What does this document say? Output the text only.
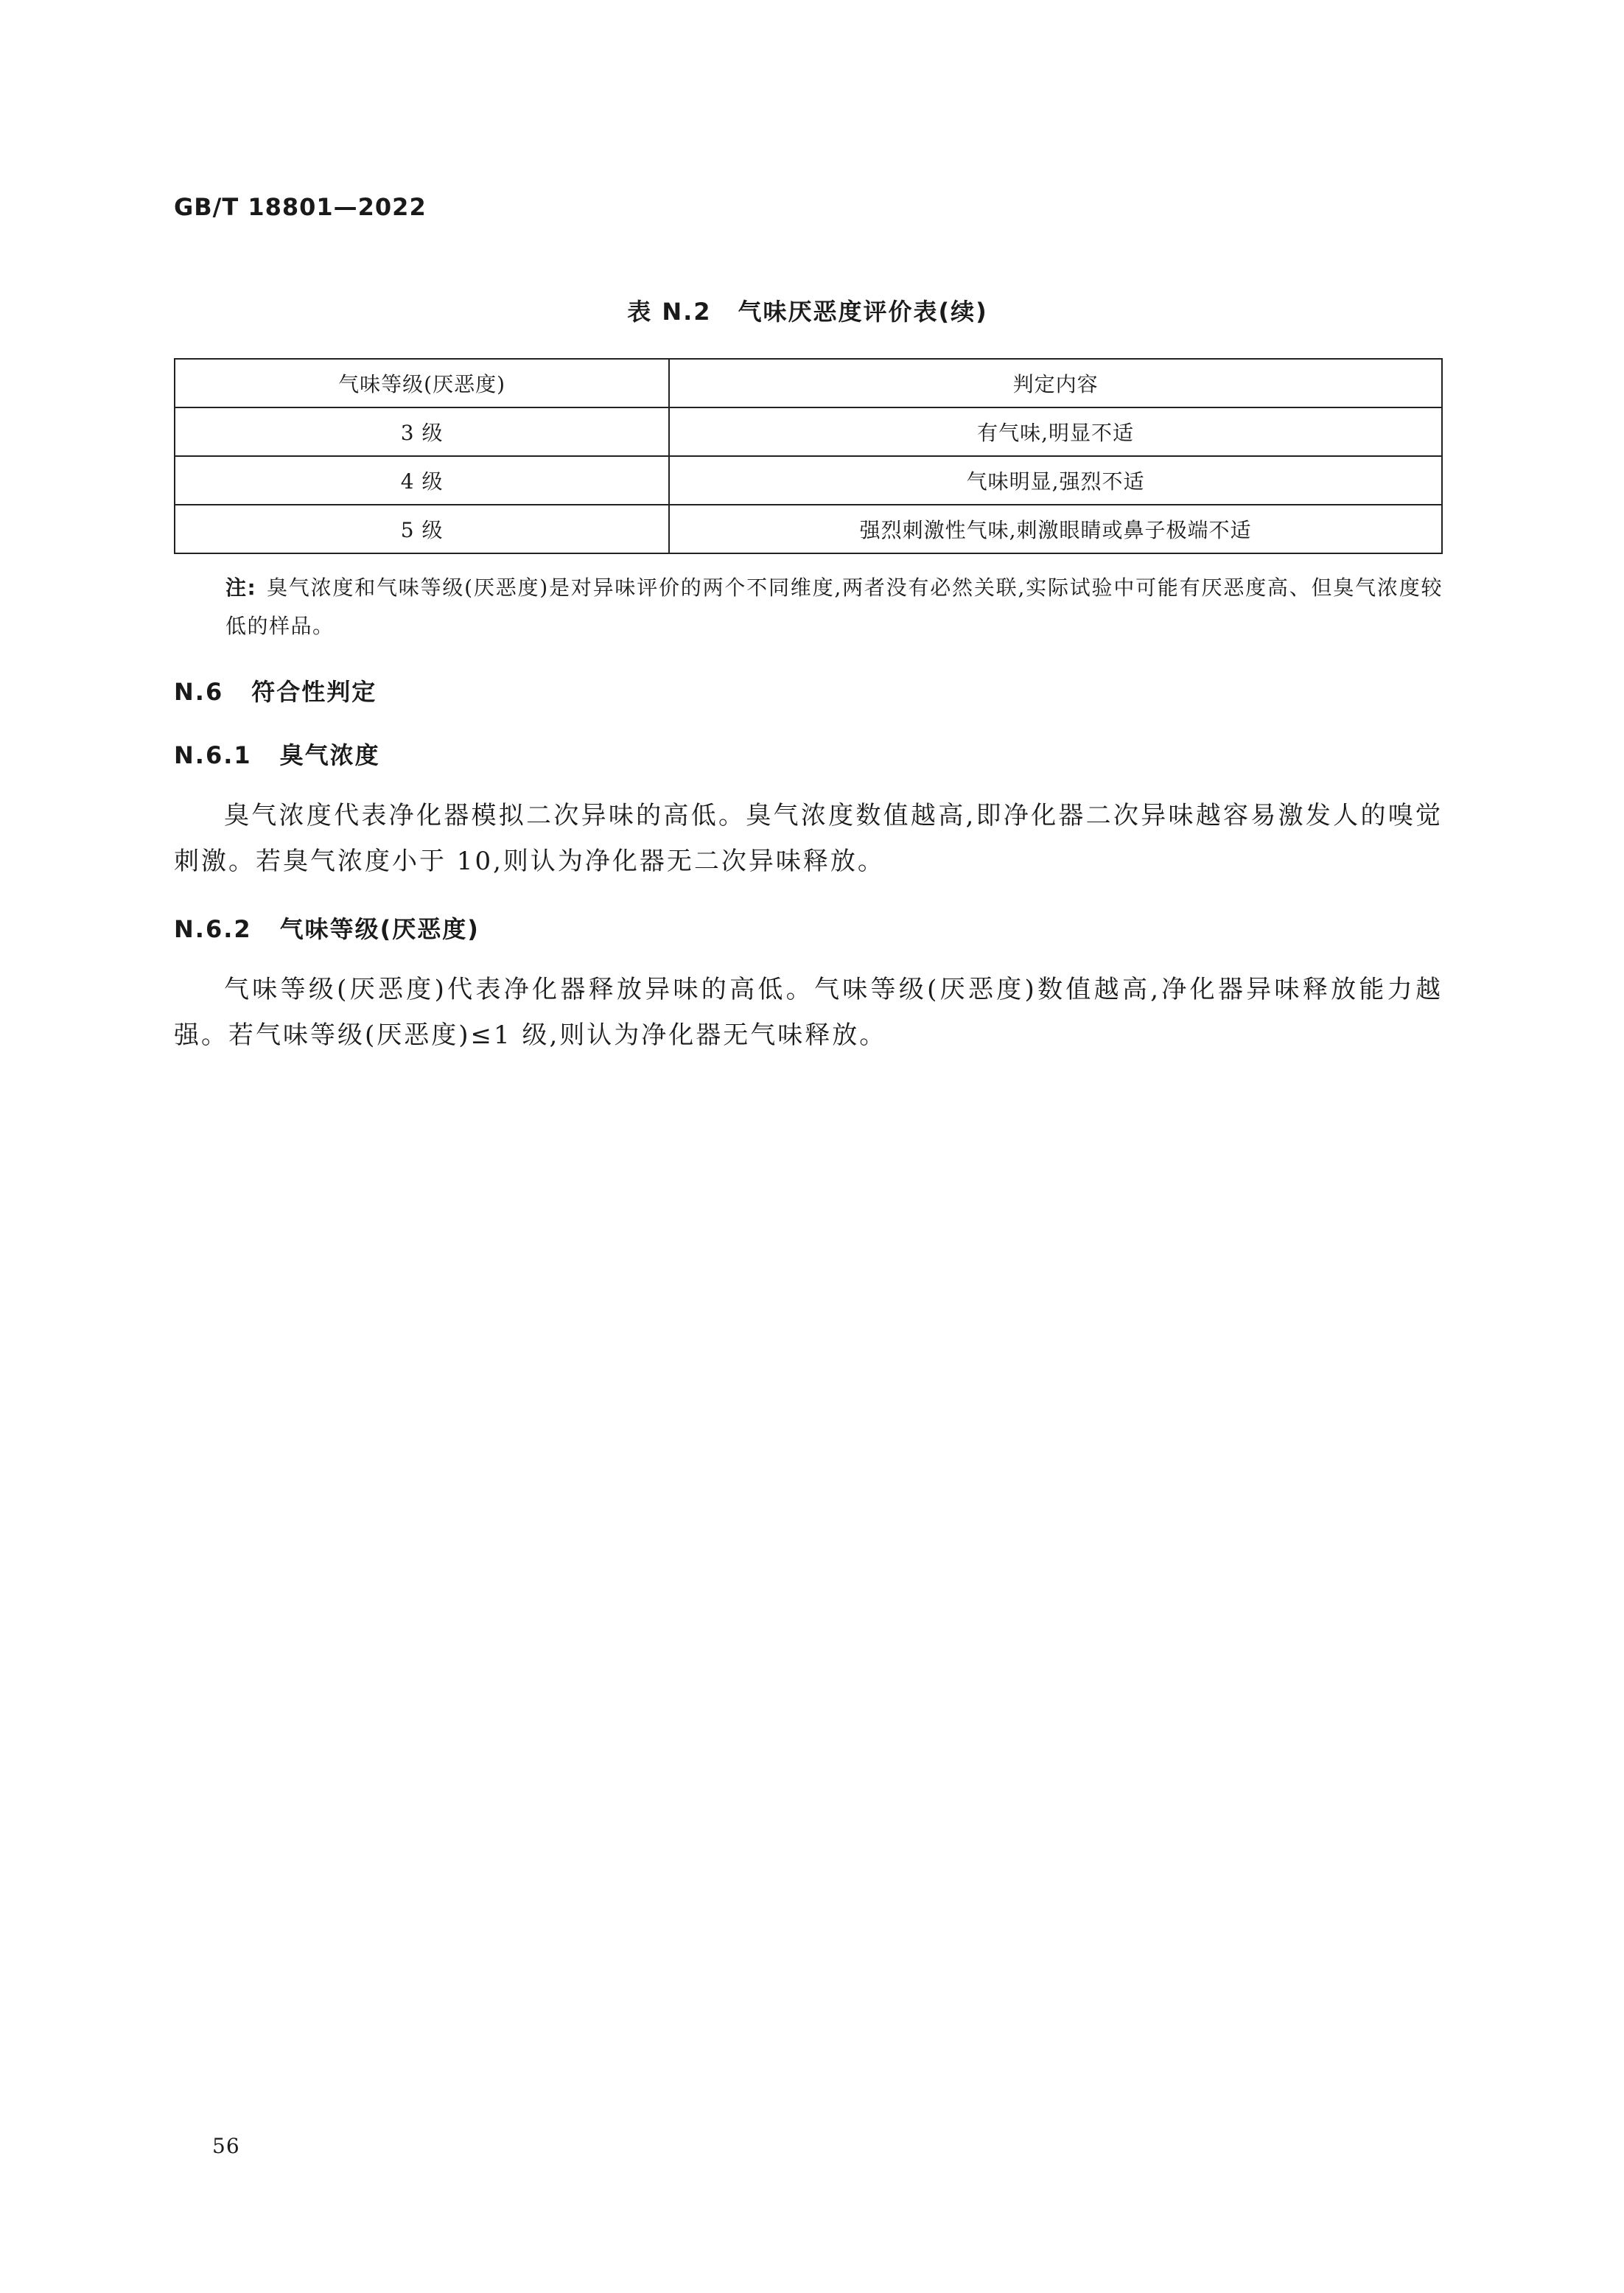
GB/T 18801—2022
表 N.2 气味厌恶度评价表(续)
气味等级(厌恶度)	判定内容
3 级	有气味,明显不适
4 级	气味明显,强烈不适
5 级	强烈刺激性气味,刺激眼睛或鼻子极端不适
注: 臭气浓度和气味等级(厌恶度)是对异味评价的两个不同维度,两者没有必然关联,实际试验中可能有厌恶度高、但臭气浓度较低的样品。
N.6 符合性判定
N.6.1 臭气浓度
臭气浓度代表净化器模拟二次异味的高低。臭气浓度数值越高,即净化器二次异味越容易激发人的嗅觉刺激。若臭气浓度小于 10,则认为净化器无二次异味释放。
N.6.2 气味等级(厌恶度)
气味等级(厌恶度)代表净化器释放异味的高低。气味等级(厌恶度)数值越高,净化器异味释放能力越强。若气味等级(厌恶度)≤1 级,则认为净化器无气味释放。
56
